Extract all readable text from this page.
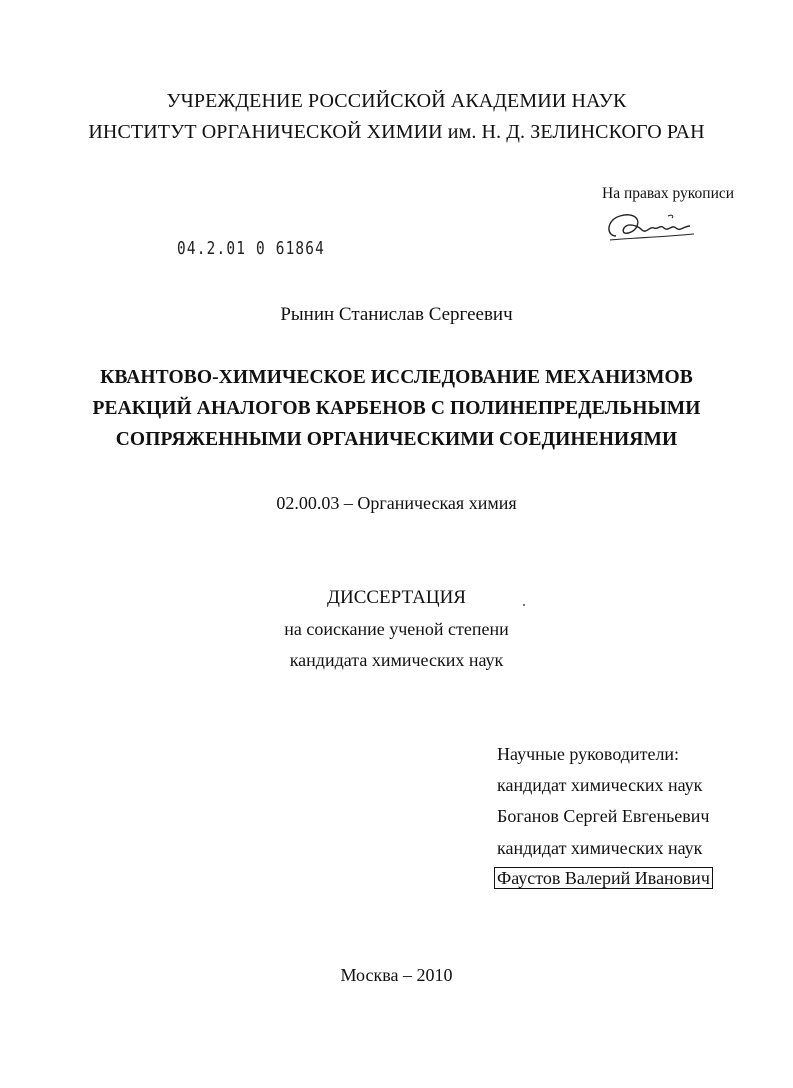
УЧРЕЖДЕНИЕ РОССИЙСКОЙ АКАДЕМИИ НАУК
ИНСТИТУТ ОРГАНИЧЕСКОЙ ХИМИИ им. Н. Д. ЗЕЛИНСКОГО РАН
На правах рукописи
04.2.01 0 61864
Рынин Станислав Сергеевич
КВАНТОВО-ХИМИЧЕСКОЕ ИССЛЕДОВАНИЕ МЕХАНИЗМОВ
РЕАКЦИЙ АНАЛОГОВ КАРБЕНОВ С ПОЛИНЕПРЕДЕЛЬНЫМИ
СОПРЯЖЕННЫМИ ОРГАНИЧЕСКИМИ СОЕДИНЕНИЯМИ
02.00.03 – Органическая химия
ДИССЕРТАЦИЯ
на соискание ученой степени
кандидата химических наук
Научные руководители:
кандидат химических наук
Боганов Сергей Евгеньевич
кандидат химических наук
Фаустов Валерий Иванович
Москва – 2010
